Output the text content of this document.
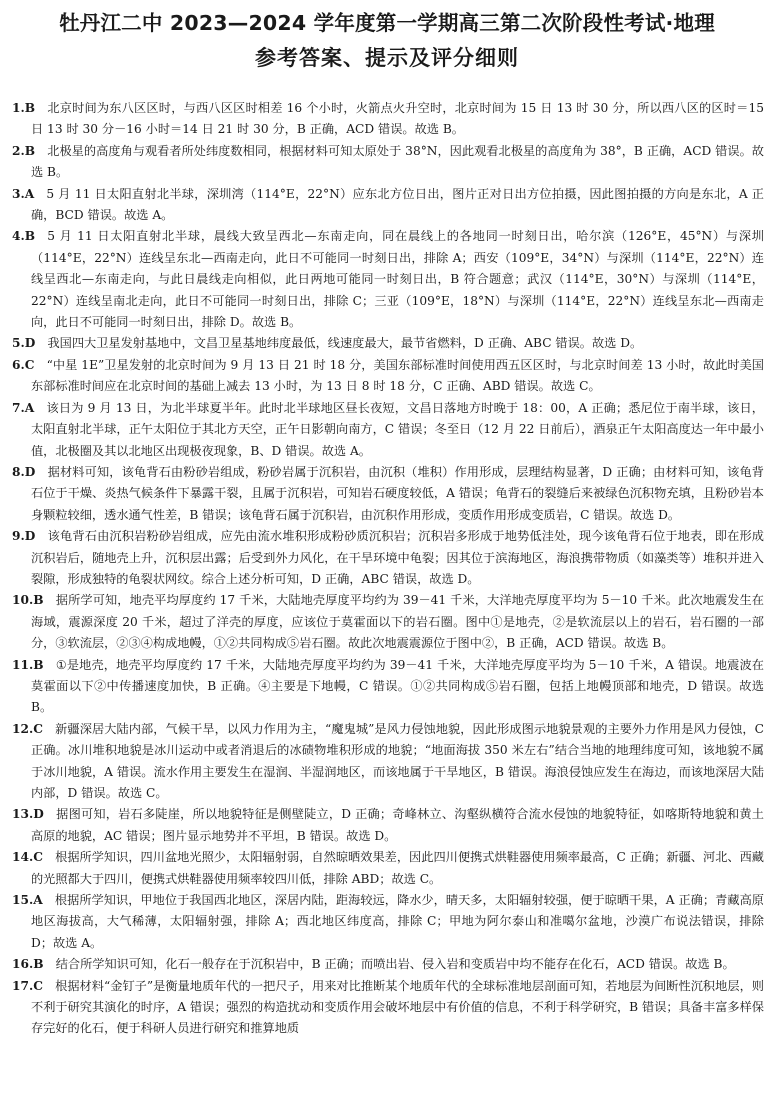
牡丹江二中 2023—2024 学年度第一学期高三第二次阶段性考试·地理

参考答案、提示及评分细则

1.B  北京时间为东八区区时，与西八区区时相差 16 个小时，火箭点火升空时，北京时间为 15 日 13 时 30 分，所以西八区的区时＝15 日 13 时 30 分－16 小时＝14 日 21 时 30 分，B 正确，ACD 错误。故选 B。

2.B  北极星的高度角与观看者所处纬度数相同，根据材料可知太原处于 38°N，因此观看北极星的高度角为 38°，B 正确，ACD 错误。故选 B。

3.A  5 月 11 日太阳直射北半球，深圳湾（114°E，22°N）应东北方位日出，图片正对日出方位拍摄，因此图拍摄的方向是东北，A 正确，BCD 错误。故选 A。

4.B  5 月 11 日太阳直射北半球，晨线大致呈西北—东南走向，同在晨线上的各地同一时刻日出，哈尔滨（126°E，45°N）与深圳（114°E，22°N）连线呈东北—西南走向，此日不可能同一时刻日出，排除 A；西安（109°E，34°N）与深圳（114°E，22°N）连线呈西北—东南走向，与此日晨线走向相似，此日两地可能同一时刻日出，B 符合题意；武汉（114°E，30°N）与深圳（114°E，22°N）连线呈南北走向，此日不可能同一时刻日出，排除 C；三亚（109°E，18°N）与深圳（114°E，22°N）连线呈东北—西南走向，此日不可能同一时刻日出，排除 D。故选 B。

5.D  我国四大卫星发射基地中，文昌卫星基地纬度最低，线速度最大，最节省燃料，D 正确、ABC 错误。故选 D。

6.C  “中星 1E”卫星发射的北京时间为 9 月 13 日 21 时 18 分，美国东部标准时间使用西五区区时，与北京时间差 13 小时，故此时美国东部标准时间应在北京时间的基础上减去 13 小时，为 13 日 8 时 18 分，C 正确、ABD 错误。故选 C。

7.A  该日为 9 月 13 日，为北半球夏半年。此时北半球地区昼长夜短，文昌日落地方时晚于 18：00，A 正确；悉尼位于南半球，该日，太阳直射北半球，正午太阳位于其北方天空，正午日影朝向南方，C 错误；冬至日（12 月 22 日前后），酒泉正午太阳高度达一年中最小值，北极圈及其以北地区出现极夜现象，B、D 错误。故选 A。

8.D  据材料可知，该龟背石由粉砂岩组成，粉砂岩属于沉积岩，由沉积（堆积）作用形成，层理结构显著，D 正确；由材料可知，该龟背石位于干燥、炎热气候条件下暴露干裂，且属于沉积岩，可知岩石硬度较低，A 错误；龟背石的裂缝后来被绿色沉积物充填，且粉砂岩本身颗粒较细，透水通气性差，B 错误；该龟背石属于沉积岩，由沉积作用形成，变质作用形成变质岩，C 错误。故选 D。

9.D  该龟背石由沉积岩粉砂岩组成，应先由流水堆积形成粉砂质沉积岩；沉积岩多形成于地势低洼处，现今该龟背石位于地表，即在形成沉积岩后，随地壳上升，沉积层出露；后受到外力风化，在干旱环境中龟裂；因其位于滨海地区，海浪携带物质（如藻类等）堆积并进入裂隙，形成独特的龟裂状网纹。综合上述分析可知，D 正确，ABC 错误，故选 D。

10.B  据所学可知，地壳平均厚度约 17 千米，大陆地壳厚度平均约为 39－41 千米，大洋地壳厚度平均为 5－10 千米。此次地震发生在海域，震源深度 20 千米，超过了洋壳的厚度，应该位于莫霍面以下的岩石圈。图中①是地壳，②是软流层以上的岩石，岩石圈的一部分，③软流层，②③④构成地幔，①②共同构成⑤岩石圈。故此次地震震源位于图中②，B 正确，ACD 错误。故选 B。

11.B  ①是地壳，地壳平均厚度约 17 千米，大陆地壳厚度平均约为 39－41 千米，大洋地壳厚度平均为 5－10 千米，A 错误。地震波在莫霍面以下②中传播速度加快，B 正确。④主要是下地幔，C 错误。①②共同构成⑤岩石圈，包括上地幔顶部和地壳，D 错误。故选 B。

12.C  新疆深居大陆内部，气候干旱，以风力作用为主，“魔鬼城”是风力侵蚀地貌，因此形成图示地貌景观的主要外力作用是风力侵蚀，C 正确。冰川堆积地貌是冰川运动中或者消退后的冰碛物堆积形成的地貌；“地面海拔 350 米左右”结合当地的地理纬度可知，该地貌不属于冰川地貌，A 错误。流水作用主要发生在湿润、半湿润地区，而该地属于干旱地区，B 错误。海浪侵蚀应发生在海边，而该地深居大陆内部，D 错误。故选 C。

13.D  据图可知，岩石多陡崖，所以地貌特征是侧壁陡立，D 正确；奇峰林立、沟壑纵横符合流水侵蚀的地貌特征，如喀斯特地貌和黄土高原的地貌，AC 错误；图片显示地势并不平坦，B 错误。故选 D。

14.C  根据所学知识，四川盆地光照少，太阳辐射弱，自然晾晒效果差，因此四川便携式烘鞋器使用频率最高，C 正确；新疆、河北、西藏的光照都大于四川，便携式烘鞋器使用频率较四川低，排除 ABD；故选 C。

15.A  根据所学知识，甲地位于我国西北地区，深居内陆，距海较远，降水少，晴天多，太阳辐射较强，便于晾晒干果，A 正确；青藏高原地区海拔高，大气稀薄，太阳辐射强，排除 A；西北地区纬度高，排除 C；甲地为阿尔泰山和准噶尔盆地，沙漠广布说法错误，排除 D；故选 A。

16.B  结合所学知识可知，化石一般存在于沉积岩中，B 正确；而喷出岩、侵入岩和变质岩中均不能存在化石，ACD 错误。故选 B。

17.C  根据材料“金钉子”是衡量地质年代的一把尺子，用来对比推断某个地质年代的全球标准地层剖面可知，若地层为间断性沉积地层，则不利于研究其演化的时序，A 错误；强烈的构造扰动和变质作用会破坏地层中有价值的信息，不利于科学研究，B 错误；具备丰富多样保存完好的化石，便于科研人员进行研究和推算地质
